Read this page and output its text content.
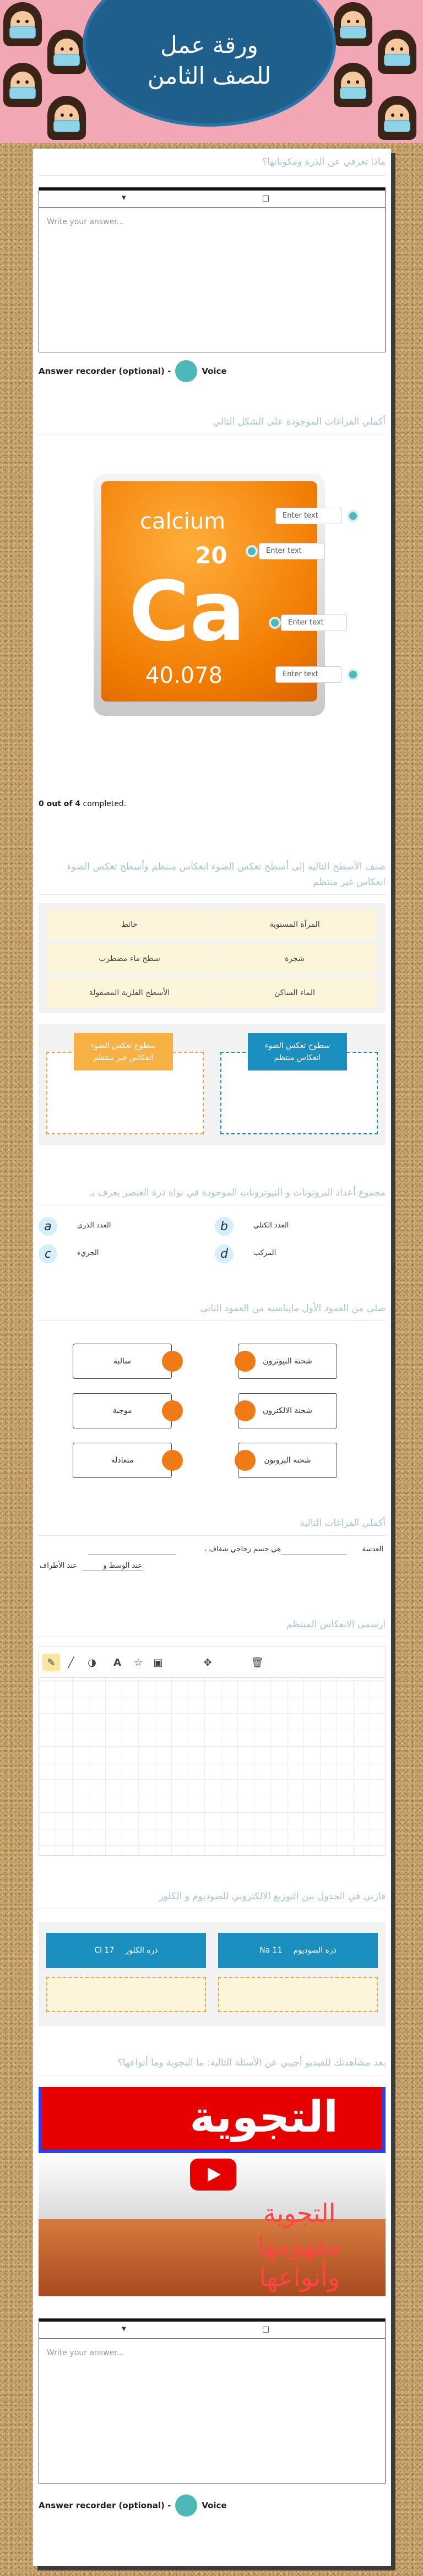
ورقة عمل
للصف الثامن
ماذا تعرفي عن الذرة ومكوناتها؟
▼	□
Write your answer...
Answer recorder (optional) -	Voice
أكملي الفراغات الموجودة على الشكل التالي
calcium
20
Ca
40.078
Enter text
Enter text
Enter text
Enter text
0 out of 4 completed.
صنف الأسطح التالية إلى أسطح تعكس الضوء انعكاس منتظم وأسطح تعكس الضوء انعكاس غير منتظم
المرآة المستوية
حائط
شجرة
سطح ماء مضطرب
الماء الساكن
الأسطح الفلزية المصقولة
سطوح تعكس الضوء انعكاس منتظم
سطوح تعكس الضوء انعكاس غير منتظم
مجموع أعداد البروتونات و النيوترونات الموجودة في نواة ذرة العنصر يعرف بـ
a	العدد الذري	b	العدد الكتلي
c	الجزيء	d	المركب
صلي من العمود الأول مايناسبه من العمود الثاني
سالبة	شحنة النيوترون
موجبة	شحنة الالكترون
متعادلة	شحنة البروتون
أكملي الفراغات التالية
العدسة
هي جسم زجاجي شفاف ،
عند الوسط و
عند الأطراف
ارسمي الانعكاس المنتظم
✎	╱	◑	A	☆	▣	✥	🗑
قارني في الجدول بين التوزيع الالكتروني للصوديوم و الكلور
ذرة الصوديوم
Na 11
ذرة الكلور
Cl 17
بعد مشاهدتك للفيديو أجيبي عن الأسئلة التالية: ما التجوية وما أنواعها؟
التجوية
التجوية
مفهومها
وأنواعها
▼	□
Write your answer...
Answer recorder (optional) -	Voice
